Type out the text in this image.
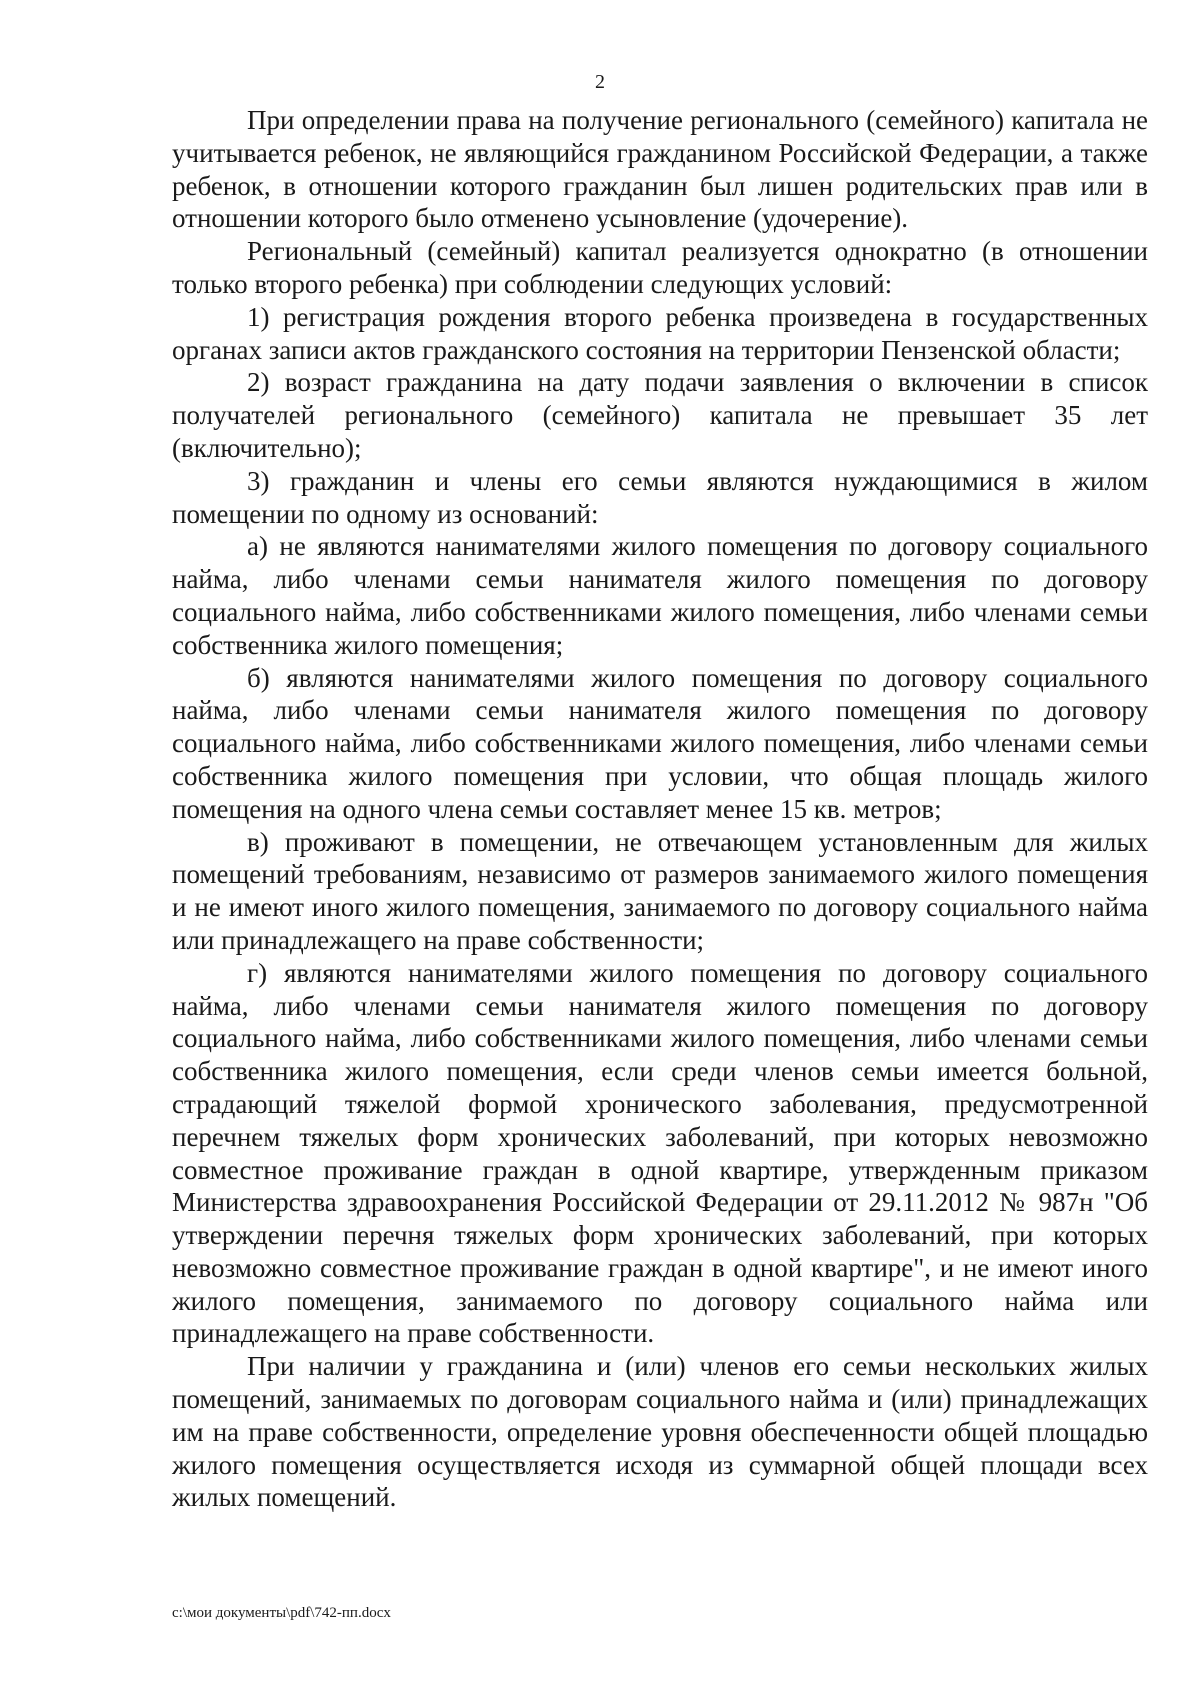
2

При определении права на получение регионального (семейного) капитала не учитывается ребенок, не являющийся гражданином Российской Федерации, а также ребенок, в отношении которого гражданин был лишен родительских прав или в отношении которого было отменено усыновление (удочерение).

Региональный (семейный) капитал реализуется однократно (в отношении только второго ребенка) при соблюдении следующих условий:

1) регистрация рождения второго ребенка произведена в государственных органах записи актов гражданского состояния на территории Пензенской области;

2) возраст гражданина на дату подачи заявления о включении в список получателей регионального (семейного) капитала не превышает 35 лет (включительно);

3) гражданин и члены его семьи являются нуждающимися в жилом помещении по одному из оснований:

а) не являются нанимателями жилого помещения по договору социального найма, либо членами семьи нанимателя жилого помещения по договору социального найма, либо собственниками жилого помещения, либо членами семьи собственника жилого помещения;

б) являются нанимателями жилого помещения по договору социального найма, либо членами семьи нанимателя жилого помещения по договору социального найма, либо собственниками жилого помещения, либо членами семьи собственника жилого помещения при условии, что общая площадь жилого помещения на одного члена семьи составляет менее 15 кв. метров;

в) проживают в помещении, не отвечающем установленным для жилых помещений требованиям, независимо от размеров занимаемого жилого помещения и не имеют иного жилого помещения, занимаемого по договору социального найма или принадлежащего на праве собственности;

г) являются нанимателями жилого помещения по договору социального найма, либо членами семьи нанимателя жилого помещения по договору социального найма, либо собственниками жилого помещения, либо членами семьи собственника жилого помещения, если среди членов семьи имеется больной, страдающий тяжелой формой хронического заболевания, предусмотренной перечнем тяжелых форм хронических заболеваний, при которых невозможно совместное проживание граждан в одной квартире, утвержденным приказом Министерства здравоохранения Российской Федерации от 29.11.2012 № 987н "Об утверждении перечня тяжелых форм хронических заболеваний, при которых невозможно совместное проживание граждан в одной квартире", и не имеют иного жилого помещения, занимаемого по договору социального найма или принадлежащего на праве собственности.

При наличии у гражданина и (или) членов его семьи нескольких жилых помещений, занимаемых по договорам социального найма и (или) принадлежащих им на праве собственности, определение уровня обеспеченности общей площадью жилого помещения осуществляется исходя из суммарной общей площади всех жилых помещений.

c:\мои документы\pdf\742-пп.docx
